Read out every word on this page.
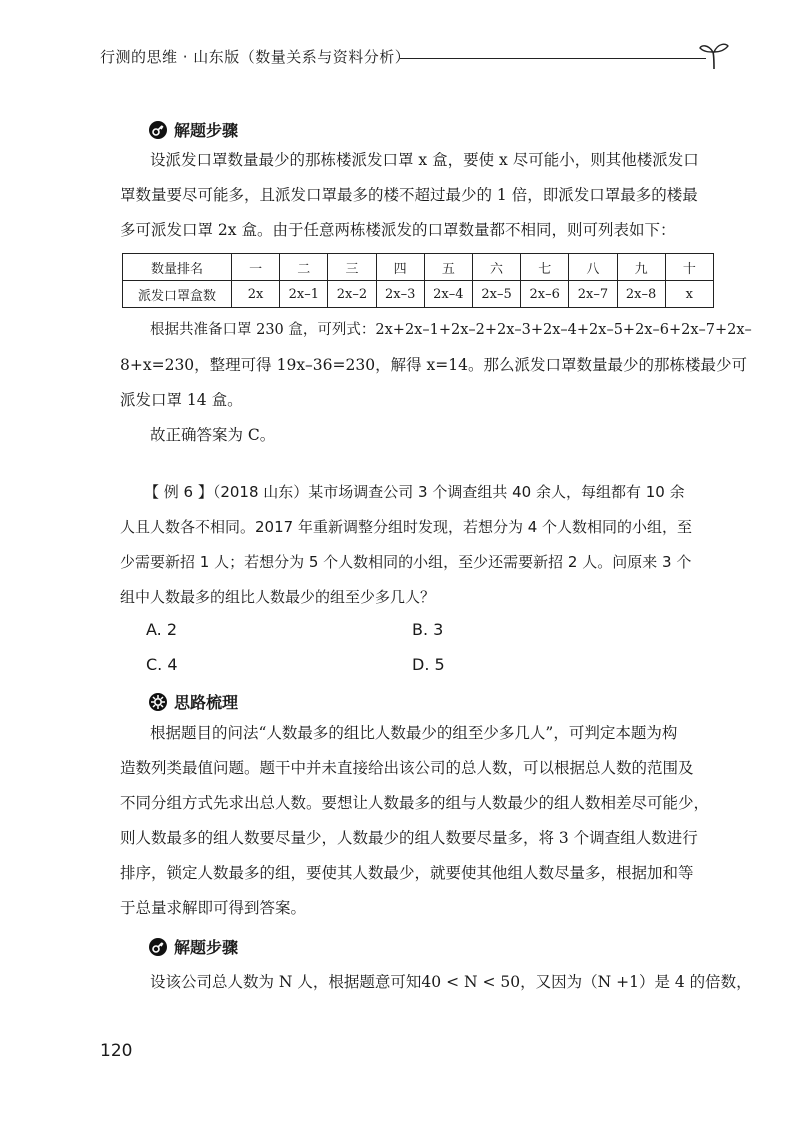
行测的思维 · 山东版（数量关系与资料分析）
解题步骤
设派发口罩数量最少的那栋楼派发口罩 x 盒，要使 x 尽可能小，则其他楼派发口
罩数量要尽可能多，且派发口罩最多的楼不超过最少的 1 倍，即派发口罩最多的楼最
多可派发口罩 2x 盒。由于任意两栋楼派发的口罩数量都不相同，则可列表如下：
数量排名	一	二	三	四	五	六	七	八	九	十
派发口罩盒数	2x	2x–1	2x–2	2x–3	2x–4	2x–5	2x–6	2x–7	2x–8	x
根据共准备口罩 230 盒，可列式：2x+2x–1+2x–2+2x–3+2x–4+2x–5+2x–6+2x–7+2x–
8+x=230，整理可得 19x–36=230，解得 x=14。那么派发口罩数量最少的那栋楼最少可
派发口罩 14 盒。
故正确答案为 C。
【 例 6 】（2018 山东）某市场调查公司 3 个调查组共 40 余人，每组都有 10 余
人且人数各不相同。2017 年重新调整分组时发现，若想分为 4 个人数相同的小组，至
少需要新招 1 人；若想分为 5 个人数相同的小组，至少还需要新招 2 人。问原来 3 个
组中人数最多的组比人数最少的组至少多几人？
A. 2	B. 3
C. 4	D. 5
思路梳理
根据题目的问法“人数最多的组比人数最少的组至少多几人”，可判定本题为构
造数列类最值问题。题干中并未直接给出该公司的总人数，可以根据总人数的范围及
不同分组方式先求出总人数。要想让人数最多的组与人数最少的组人数相差尽可能少，
则人数最多的组人数要尽量少，人数最少的组人数要尽量多，将 3 个调查组人数进行
排序，锁定人数最多的组，要使其人数最少，就要使其他组人数尽量多，根据加和等
于总量求解即可得到答案。
解题步骤
设该公司总人数为 N 人，根据题意可知40 < N < 50，又因为（N +1）是 4 的倍数，
120
